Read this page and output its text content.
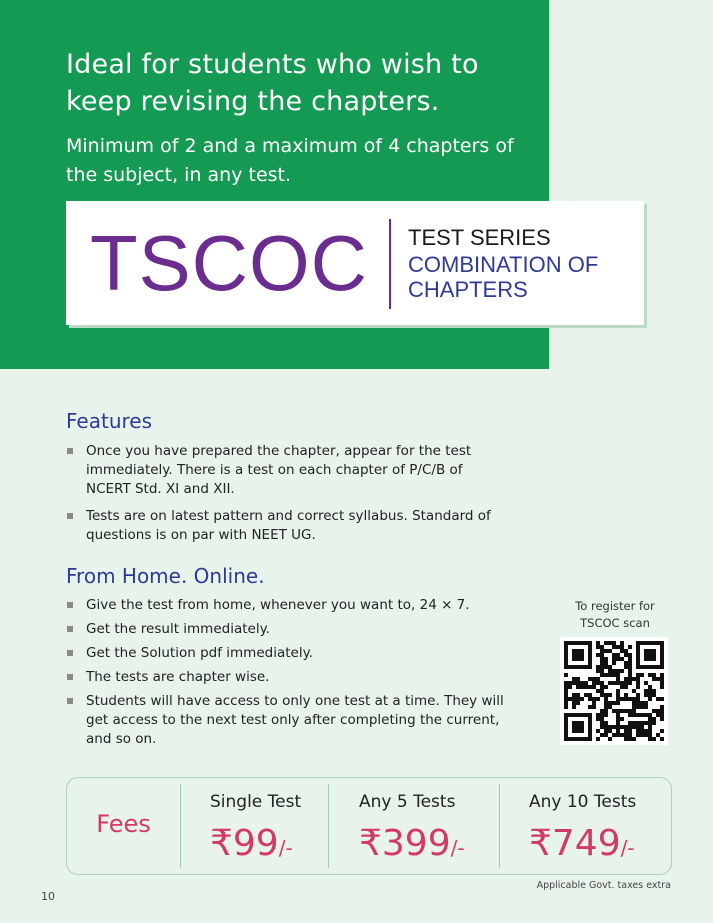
Ideal for students who wish to keep revising the chapters.

Minimum of 2 and a maximum of 4 chapters of the subject, in any test.

TSCOC TEST SERIES
COMBINATION OF CHAPTERS
Features
Once you have prepared the chapter, appear for the test immediately. There is a test on each chapter of P/C/B of NCERT Std. XI and XII.
Tests are on latest pattern and correct syllabus. Standard of questions is on par with NEET UG.
From Home. Online.
Give the test from home, whenever you want to, 24 × 7.
Get the result immediately.
Get the Solution pdf immediately.
The tests are chapter wise.
Students will have access to only one test at a time. They will get access to the next test only after completing the current, and so on.
To register for TSCOC scan
Fees
Single Test
₹99/-
Any 5 Tests
₹399/-
Any 10 Tests
₹749/-
Applicable Govt. taxes extra
10
